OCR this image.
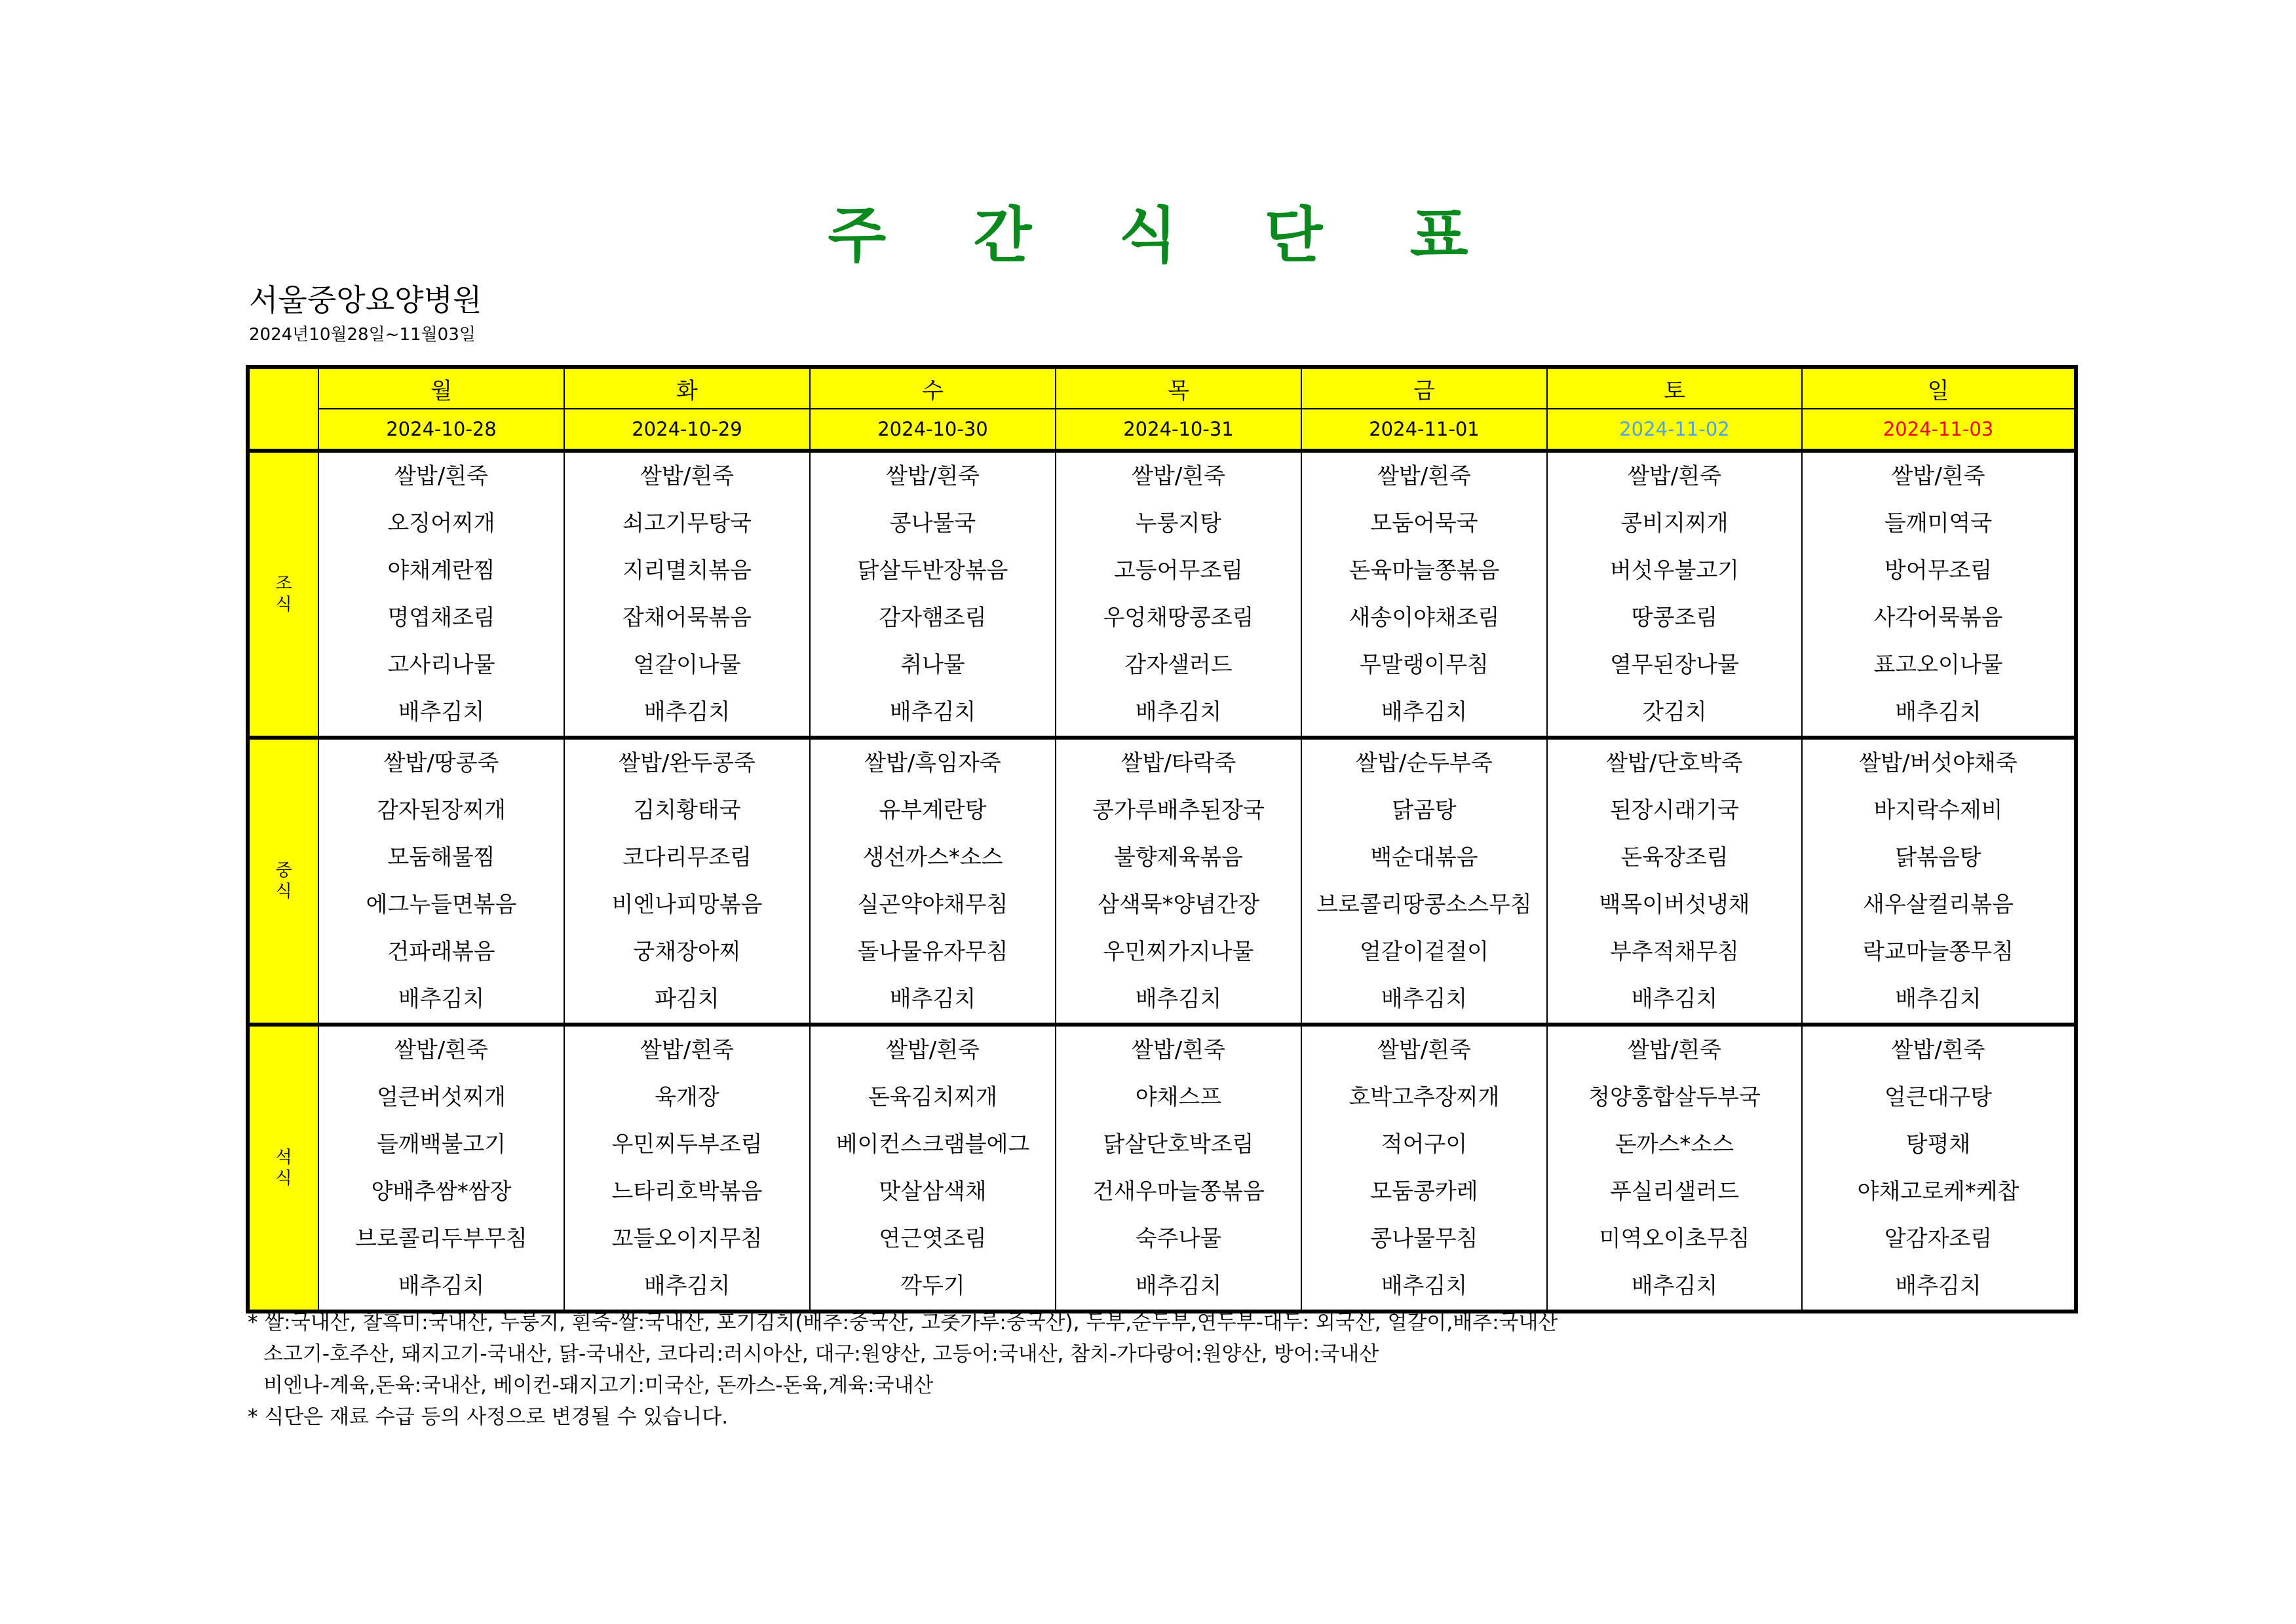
주 간 식 단 표
서울중앙요양병원
2024년10월28일~11월03일
	월	화	수	목	금	토	일
	2024-10-28	2024-10-29	2024-10-30	2024-10-31	2024-11-01	2024-11-02	2024-11-03

조
식	쌀밥/흰죽	쌀밥/흰죽	쌀밥/흰죽	쌀밥/흰죽	쌀밥/흰죽	쌀밥/흰죽	쌀밥/흰죽
	오징어찌개	쇠고기무탕국	콩나물국	누룽지탕	모둠어묵국	콩비지찌개	들깨미역국
	야채계란찜	지리멸치볶음	닭살두반장볶음	고등어무조림	돈육마늘쫑볶음	버섯우불고기	방어무조림
	명엽채조림	잡채어묵볶음	감자햄조림	우엉채땅콩조림	새송이야채조림	땅콩조림	사각어묵볶음
	고사리나물	얼갈이나물	취나물	감자샐러드	무말랭이무침	열무된장나물	표고오이나물
	배추김치	배추김치	배추김치	배추김치	배추김치	갓김치	배추김치

중
식	쌀밥/땅콩죽	쌀밥/완두콩죽	쌀밥/흑임자죽	쌀밥/타락죽	쌀밥/순두부죽	쌀밥/단호박죽	쌀밥/버섯야채죽
	감자된장찌개	김치황태국	유부계란탕	콩가루배추된장국	닭곰탕	된장시래기국	바지락수제비
	모둠해물찜	코다리무조림	생선까스*소스	불향제육볶음	백순대볶음	돈육장조림	닭볶음탕
	에그누들면볶음	비엔나피망볶음	실곤약야채무침	삼색묵*양념간장	브로콜리땅콩소스무침	백목이버섯냉채	새우살컬리볶음
	건파래볶음	궁채장아찌	돌나물유자무침	우민찌가지나물	얼갈이겉절이	부추적채무침	락교마늘쫑무침
	배추김치	파김치	배추김치	배추김치	배추김치	배추김치	배추김치

석
식	쌀밥/흰죽	쌀밥/흰죽	쌀밥/흰죽	쌀밥/흰죽	쌀밥/흰죽	쌀밥/흰죽	쌀밥/흰죽
	얼큰버섯찌개	육개장	돈육김치찌개	야채스프	호박고추장찌개	청양홍합살두부국	얼큰대구탕
	들깨백불고기	우민찌두부조림	베이컨스크램블에그	닭살단호박조림	적어구이	돈까스*소스	탕평채
	양배추쌈*쌈장	느타리호박볶음	맛살삼색채	건새우마늘쫑볶음	모둠콩카레	푸실리샐러드	야채고로케*케찹
	브로콜리두부무침	꼬들오이지무침	연근엿조림	숙주나물	콩나물무침	미역오이초무침	알감자조림
	배추김치	배추김치	깍두기	배추김치	배추김치	배추김치	배추김치
* 쌀:국내산, 찰흑미:국내산, 누룽지, 흰죽-쌀:국내산, 포기김치(배추:중국산, 고춧가루:중국산), 두부,순두부,연두부-대두: 외국산, 얼갈이,배추:국내산
소고기-호주산, 돼지고기-국내산, 닭-국내산, 코다리:러시아산, 대구:원양산, 고등어:국내산, 참치-가다랑어:원양산, 방어:국내산
비엔나-계육,돈육:국내산, 베이컨-돼지고기:미국산, 돈까스-돈육,계육:국내산
* 식단은 재료 수급 등의 사정으로 변경될 수 있습니다.
